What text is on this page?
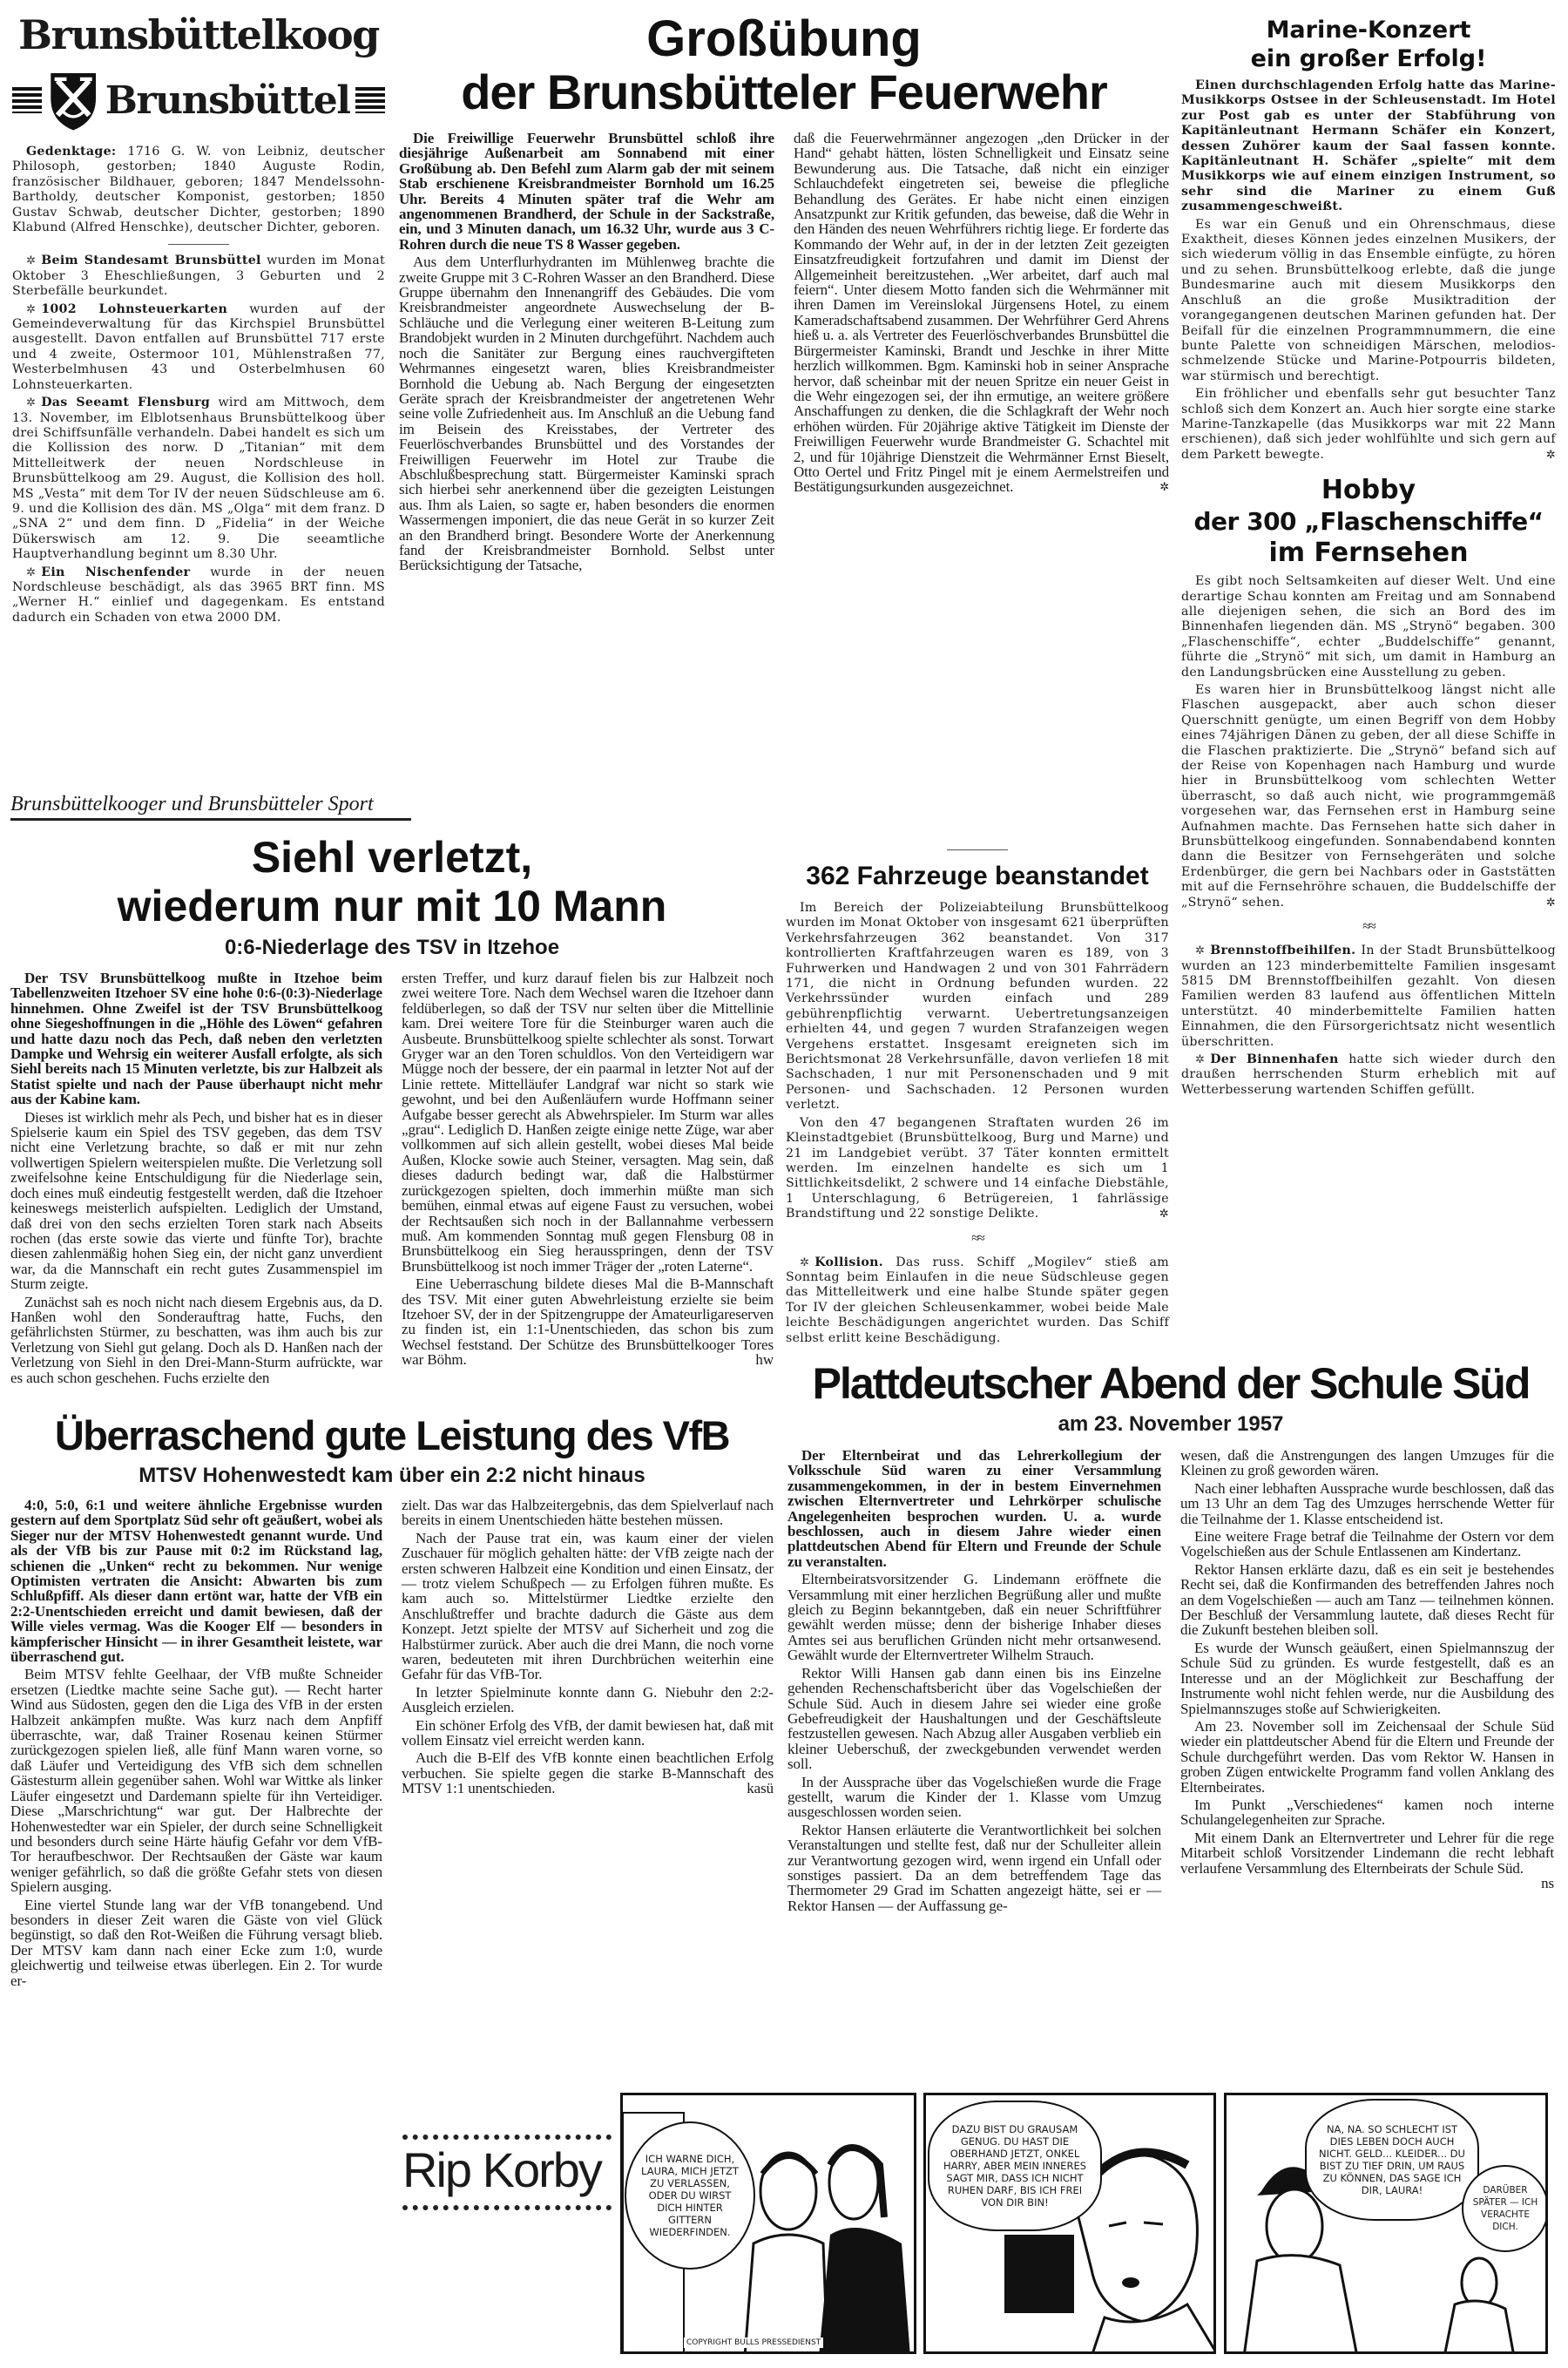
Brunsbüttelkoog
Brunsbüttel

Gedenktage: 1716 G. W. von Leibniz, deutscher Philosoph, gestorben; 1840 Auguste Rodin, französischer Bildhauer, geboren; 1847 Mendelssohn-Bartholdy, deutscher Komponist, gestorben; 1850 Gustav Schwab, deutscher Dichter, gestorben; 1890 Klabund (Alfred Henschke), deutscher Dichter, geboren.

✲ Beim Standesamt Brunsbüttel wurden im Monat Oktober 3 Eheschließungen, 3 Geburten und 2 Sterbefälle beurkundet.

✲ 1002 Lohnsteuerkarten wurden auf der Gemeindeverwaltung für das Kirchspiel Brunsbüttel ausgestellt. Davon entfallen auf Brunsbüttel 717 erste und 4 zweite, Ostermoor 101, Mühlenstraßen 77, Westerbelmhusen 43 und Osterbelmhusen 60 Lohnsteuerkarten.

✲ Das Seeamt Flensburg wird am Mittwoch, dem 13. November, im Elblotsenhaus Brunsbüttelkoog über drei Schiffsunfälle verhandeln. Dabei handelt es sich um die Kollission des norw. D „Titanian“ mit dem Mittelleitwerk der neuen Nordschleuse in Brunsbüttelkoog am 29. August, die Kollision des holl. MS „Vesta“ mit dem Tor IV der neuen Südschleuse am 6. 9. und die Kollision des dän. MS „Olga“ mit dem franz. D „SNA 2“ und dem finn. D „Fidelia“ in der Weiche Dükerswisch am 12. 9. Die seeamtliche Hauptverhandlung beginnt um 8.30 Uhr.

✲ Ein Nischenfender wurde in der neuen Nordschleuse beschädigt, als das 3965 BRT finn. MS „Werner H.“ einlief und dagegenkam. Es entstand dadurch ein Schaden von etwa 2000 DM.

Großübung
der Brunsbütteler Feuerwehr

Die Freiwillige Feuerwehr Brunsbüttel schloß ihre diesjährige Außenarbeit am Sonnabend mit einer Großübung ab. Den Befehl zum Alarm gab der mit seinem Stab erschienene Kreisbrandmeister Bornhold um 16.25 Uhr. Bereits 4 Minuten später traf die Wehr am angenommenen Brandherd, der Schule in der Sackstraße, ein, und 3 Minuten danach, um 16.32 Uhr, wurde aus 3 C-Rohren durch die neue TS 8 Wasser gegeben.

Aus dem Unterflurhydranten im Mühlenweg brachte die zweite Gruppe mit 3 C-Rohren Wasser an den Brandherd. Diese Gruppe übernahm den Innenangriff des Gebäudes. Die vom Kreisbrandmeister angeordnete Auswechselung der B-Schläuche und die Verlegung einer weiteren B-Leitung zum Brandobjekt wurden in 2 Minuten durchgeführt. Nachdem auch noch die Sanitäter zur Bergung eines rauchvergifteten Wehrmannes eingesetzt waren, blies Kreisbrandmeister Bornhold die Uebung ab. Nach Bergung der eingesetzten Geräte sprach der Kreisbrandmeister der angetretenen Wehr seine volle Zufriedenheit aus. Im Anschluß an die Uebung fand im Beisein des Kreisstabes, der Vertreter des Feuerlöschverbandes Brunsbüttel und des Vorstandes der Freiwilligen Feuerwehr im Hotel zur Traube die Abschlußbesprechung statt. Bürgermeister Kaminski sprach sich hierbei sehr anerkennend über die gezeigten Leistungen aus. Ihm als Laien, so sagte er, haben besonders die enormen Wassermengen imponiert, die das neue Gerät in so kurzer Zeit an den Brandherd bringt. Besondere Worte der Anerkennung fand der Kreisbrandmeister Bornhold. Selbst unter Berücksichtigung der Tatsache,

daß die Feuerwehrmänner angezogen „den Drücker in der Hand“ gehabt hätten, lösten Schnelligkeit und Einsatz seine Bewunderung aus. Die Tatsache, daß nicht ein einziger Schlauchdefekt eingetreten sei, beweise die pflegliche Behandlung des Gerätes. Er habe nicht einen einzigen Ansatzpunkt zur Kritik gefunden, das beweise, daß die Wehr in den Händen des neuen Wehrführers richtig liege. Er forderte das Kommando der Wehr auf, in der in der letzten Zeit gezeigten Einsatzfreudigkeit fortzufahren und damit im Dienst der Allgemeinheit bereitzustehen. „Wer arbeitet, darf auch mal feiern“. Unter diesem Motto fanden sich die Wehrmänner mit ihren Damen im Vereinslokal Jürgensens Hotel, zu einem Kameradschaftsabend zusammen. Der Wehrführer Gerd Ahrens hieß u. a. als Vertreter des Feuerlöschverbandes Brunsbüttel die Bürgermeister Kaminski, Brandt und Jeschke in ihrer Mitte herzlich willkommen. Bgm. Kaminski hob in seiner Ansprache hervor, daß scheinbar mit der neuen Spritze ein neuer Geist in die Wehr eingezogen sei, der ihn ermutige, an weitere größere Anschaffungen zu denken, die die Schlagkraft der Wehr noch erhöhen würden. Für 20jährige aktive Tätigkeit im Dienste der Freiwilligen Feuerwehr wurde Brandmeister G. Schachtel mit 2, und für 10jährige Dienstzeit die Wehrmänner Ernst Bieselt, Otto Oertel und Fritz Pingel mit je einem Aermelstreifen und Bestätigungsurkunden ausgezeichnet.	✲

362 Fahrzeuge beanstandet

Im Bereich der Polizeiabteilung Brunsbüttelkoog wurden im Monat Oktober von insgesamt 621 überprüften Verkehrsfahrzeugen 362 beanstandet. Von 317 kontrollierten Kraftfahrzeugen waren es 189, von 3 Fuhrwerken und Handwagen 2 und von 301 Fahrrädern 171, die nicht in Ordnung befunden wurden. 22 Verkehrssünder wurden einfach und 289 gebührenpflichtig verwarnt. Uebertretungsanzeigen erhielten 44, und gegen 7 wurden Strafanzeigen wegen Vergehens erstattet. Insgesamt ereigneten sich im Berichtsmonat 28 Verkehrsunfälle, davon verliefen 18 mit Sachschaden, 1 nur mit Personenschaden und 9 mit Personen- und Sachschaden. 12 Personen wurden verletzt.

Von den 47 begangenen Straftaten wurden 26 im Kleinstadtgebiet (Brunsbüttelkoog, Burg und Marne) und 21 im Landgebiet verübt. 37 Täter konnten ermittelt werden. Im einzelnen handelte es sich um 1 Sittlichkeitsdelikt, 2 schwere und 14 einfache Diebstähle, 1 Unterschlagung, 6 Betrügereien, 1 fahrlässige Brandstiftung und 22 sonstige Delikte.	✲

≈≈

✲ Kollision. Das russ. Schiff „Mogilev“ stieß am Sonntag beim Einlaufen in die neue Südschleuse gegen das Mittelleitwerk und eine halbe Stunde später gegen Tor IV der gleichen Schleusenkammer, wobei beide Male leichte Beschädigungen angerichtet wurden. Das Schiff selbst erlitt keine Beschädigung.

Marine-Konzert
ein großer Erfolg!

Einen durchschlagenden Erfolg hatte das Marine-Musikkorps Ostsee in der Schleusenstadt. Im Hotel zur Post gab es unter der Stabführung von Kapitänleutnant Hermann Schäfer ein Konzert, dessen Zuhörer kaum der Saal fassen konnte. Kapitänleutnant H. Schäfer „spielte“ mit dem Musikkorps wie auf einem einzigen Instrument, so sehr sind die Mariner zu einem Guß zusammengeschweißt.

Es war ein Genuß und ein Ohrenschmaus, diese Exaktheit, dieses Können jedes einzelnen Musikers, der sich wiederum völlig in das Ensemble einfügte, zu hören und zu sehen. Brunsbüttelkoog erlebte, daß die junge Bundesmarine auch mit diesem Musikkorps den Anschluß an die große Musiktradition der vorangegangenen deutschen Marinen gefunden hat. Der Beifall für die einzelnen Programmnummern, die eine bunte Palette von schneidigen Märschen, melodios-schmelzende Stücke und Marine-Potpourris bildeten, war stürmisch und berechtigt.

Ein fröhlicher und ebenfalls sehr gut besuchter Tanz schloß sich dem Konzert an. Auch hier sorgte eine starke Marine-Tanzkapelle (das Musikkorps war mit 22 Mann erschienen), daß sich jeder wohlfühlte und sich gern auf dem Parkett bewegte.	✲

Hobby
der 300 „Flaschenschiffe“
im Fernsehen

Es gibt noch Seltsamkeiten auf dieser Welt. Und eine derartige Schau konnten am Freitag und am Sonnabend alle diejenigen sehen, die sich an Bord des im Binnenhafen liegenden dän. MS „Strynö“ begaben. 300 „Flaschenschiffe“, echter „Buddelschiffe“ genannt, führte die „Strynö“ mit sich, um damit in Hamburg an den Landungsbrücken eine Ausstellung zu geben.

Es waren hier in Brunsbüttelkoog längst nicht alle Flaschen ausgepackt, aber auch schon dieser Querschnitt genügte, um einen Begriff von dem Hobby eines 74jährigen Dänen zu geben, der all diese Schiffe in die Flaschen praktizierte. Die „Strynö“ befand sich auf der Reise von Kopenhagen nach Hamburg und wurde hier in Brunsbüttelkoog vom schlechten Wetter überrascht, so daß auch nicht, wie programmgemäß vorgesehen war, das Fernsehen erst in Hamburg seine Aufnahmen machte. Das Fernsehen hatte sich daher in Brunsbüttelkoog eingefunden. Sonnabendabend konnten dann die Besitzer von Fernsehgeräten und solche Erdenbürger, die gern bei Nachbars oder in Gaststätten mit auf die Fernsehröhre schauen, die Buddelschiffe der „Strynö“ sehen.	✲

≈≈

✲ Brennstoffbeihilfen. In der Stadt Brunsbüttelkoog wurden an 123 minderbemittelte Familien insgesamt 5815 DM Brennstoffbeihilfen gezahlt. Von diesen Familien werden 83 laufend aus öffentlichen Mitteln unterstützt. 40 minderbemittelte Familien hatten Einnahmen, die den Fürsorgerichtsatz nicht wesentlich überschritten.

✲ Der Binnenhafen hatte sich wieder durch den draußen herrschenden Sturm erheblich mit auf Wetterbesserung wartenden Schiffen gefüllt.

Brunsbüttelkooger und Brunsbütteler Sport
Siehl verletzt,
wiederum nur mit 10 Mann
0:6-Niederlage des TSV in Itzehoe

Der TSV Brunsbüttelkoog mußte in Itzehoe beim Tabellenzweiten Itzehoer SV eine hohe 0:6-(0:3)-Niederlage hinnehmen. Ohne Zweifel ist der TSV Brunsbüttelkoog ohne Siegeshoffnungen in die „Höhle des Löwen“ gefahren und hatte dazu noch das Pech, daß neben den verletzten Dampke und Wehrsig ein weiterer Ausfall erfolgte, als sich Siehl bereits nach 15 Minuten verletzte, bis zur Halbzeit als Statist spielte und nach der Pause überhaupt nicht mehr aus der Kabine kam.

Dieses ist wirklich mehr als Pech, und bisher hat es in dieser Spielserie kaum ein Spiel des TSV gegeben, das dem TSV nicht eine Verletzung brachte, so daß er mit nur zehn vollwertigen Spielern weiterspielen mußte. Die Verletzung soll zweifelsohne keine Entschuldigung für die Niederlage sein, doch eines muß eindeutig festgestellt werden, daß die Itzehoer keineswegs meisterlich aufspielten. Lediglich der Umstand, daß drei von den sechs erzielten Toren stark nach Abseits rochen (das erste sowie das vierte und fünfte Tor), brachte diesen zahlenmäßig hohen Sieg ein, der nicht ganz unverdient war, da die Mannschaft ein recht gutes Zusammenspiel im Sturm zeigte.

Zunächst sah es noch nicht nach diesem Ergebnis aus, da D. Hanßen wohl den Sonderauftrag hatte, Fuchs, den gefährlichsten Stürmer, zu beschatten, was ihm auch bis zur Verletzung von Siehl gut gelang. Doch als D. Hanßen nach der Verletzung von Siehl in den Drei-Mann-Sturm aufrückte, war es auch schon geschehen. Fuchs erzielte den

ersten Treffer, und kurz darauf fielen bis zur Halbzeit noch zwei weitere Tore. Nach dem Wechsel waren die Itzehoer dann feldüberlegen, so daß der TSV nur selten über die Mittellinie kam. Drei weitere Tore für die Steinburger waren auch die Ausbeute. Brunsbüttelkoog spielte schlechter als sonst. Torwart Gryger war an den Toren schuldlos. Von den Verteidigern war Mügge noch der bessere, der ein paarmal in letzter Not auf der Linie rettete. Mittelläufer Landgraf war nicht so stark wie gewohnt, und bei den Außenläufern wurde Hoffmann seiner Aufgabe besser gerecht als Abwehrspieler. Im Sturm war alles „grau“. Lediglich D. Hanßen zeigte einige nette Züge, war aber vollkommen auf sich allein gestellt, wobei dieses Mal beide Außen, Klocke sowie auch Steiner, versagten. Mag sein, daß dieses dadurch bedingt war, daß die Halbstürmer zurückgezogen spielten, doch immerhin müßte man sich bemühen, einmal etwas auf eigene Faust zu versuchen, wobei der Rechtsaußen sich noch in der Ballannahme verbessern muß. Am kommenden Sonntag muß gegen Flensburg 08 in Brunsbüttelkoog ein Sieg herausspringen, denn der TSV Brunsbüttelkoog ist noch immer Träger der „roten Laterne“.

Eine Ueberraschung bildete dieses Mal die B-Mannschaft des TSV. Mit einer guten Abwehrleistung erzielte sie beim Itzehoer SV, der in der Spitzengruppe der Amateurligareserven zu finden ist, ein 1:1-Unentschieden, das schon bis zum Wechsel feststand. Der Schütze des Brunsbüttelkooger Tores war Böhm.	hw

Überraschend gute Leistung des VfB
MTSV Hohenwestedt kam über ein 2:2 nicht hinaus

4:0, 5:0, 6:1 und weitere ähnliche Ergebnisse wurden gestern auf dem Sportplatz Süd sehr oft geäußert, wobei als Sieger nur der MTSV Hohenwestedt genannt wurde. Und als der VfB bis zur Pause mit 0:2 im Rückstand lag, schienen die „Unken“ recht zu bekommen. Nur wenige Optimisten vertraten die Ansicht: Abwarten bis zum Schlußpfiff. Als dieser dann ertönt war, hatte der VfB ein 2:2-Unentschieden erreicht und damit bewiesen, daß der Wille vieles vermag. Was die Kooger Elf — besonders in kämpferischer Hinsicht — in ihrer Gesamtheit leistete, war überraschend gut.

Beim MTSV fehlte Geelhaar, der VfB mußte Schneider ersetzen (Liedtke machte seine Sache gut). — Recht harter Wind aus Südosten, gegen den die Liga des VfB in der ersten Halbzeit ankämpfen mußte. Was kurz nach dem Anpfiff überraschte, war, daß Trainer Rosenau keinen Stürmer zurückgezogen spielen ließ, alle fünf Mann waren vorne, so daß Läufer und Verteidigung des VfB sich dem schnellen Gästesturm allein gegenüber sahen. Wohl war Wittke als linker Läufer eingesetzt und Dardemann spielte für ihn Verteidiger. Diese „Marschrichtung“ war gut. Der Halbrechte der Hohenwestedter war ein Spieler, der durch seine Schnelligkeit und besonders durch seine Härte häufig Gefahr vor dem VfB-Tor heraufbeschwor. Der Rechtsaußen der Gäste war kaum weniger gefährlich, so daß die größte Gefahr stets von diesen Spielern ausging.

Eine viertel Stunde lang war der VfB tonangebend. Und besonders in dieser Zeit waren die Gäste von viel Glück begünstigt, so daß den Rot-Weißen die Führung versagt blieb. Der MTSV kam dann nach einer Ecke zum 1:0, wurde gleichwertig und teilweise etwas überlegen. Ein 2. Tor wurde er-

zielt. Das war das Halbzeitergebnis, das dem Spielverlauf nach bereits in einem Unentschieden hätte bestehen müssen.

Nach der Pause trat ein, was kaum einer der vielen Zuschauer für möglich gehalten hätte: der VfB zeigte nach der ersten schweren Halbzeit eine Kondition und einen Einsatz, der — trotz vielem Schußpech — zu Erfolgen führen mußte. Es kam auch so. Mittelstürmer Liedtke erzielte den Anschlußtreffer und brachte dadurch die Gäste aus dem Konzept. Jetzt spielte der MTSV auf Sicherheit und zog die Halbstürmer zurück. Aber auch die drei Mann, die noch vorne waren, bedeuteten mit ihren Durchbrüchen weiterhin eine Gefahr für das VfB-Tor.

In letzter Spielminute konnte dann G. Niebuhr den 2:2-Ausgleich erzielen.

Ein schöner Erfolg des VfB, der damit bewiesen hat, daß mit vollem Einsatz viel erreicht werden kann.

Auch die B-Elf des VfB konnte einen beachtlichen Erfolg verbuchen. Sie spielte gegen die starke B-Mannschaft des MTSV 1:1 unentschieden.	kasü

Plattdeutscher Abend der Schule Süd
am 23. November 1957

Der Elternbeirat und das Lehrerkollegium der Volksschule Süd waren zu einer Versammlung zusammengekommen, in der in bestem Einvernehmen zwischen Elternvertreter und Lehrkörper schulische Angelegenheiten besprochen wurden. U. a. wurde beschlossen, auch in diesem Jahre wieder einen plattdeutschen Abend für Eltern und Freunde der Schule zu veranstalten.

Elternbeiratsvorsitzender G. Lindemann eröffnete die Versammlung mit einer herzlichen Begrüßung aller und mußte gleich zu Beginn bekanntgeben, daß ein neuer Schriftführer gewählt werden müsse; denn der bisherige Inhaber dieses Amtes sei aus beruflichen Gründen nicht mehr ortsanwesend. Gewählt wurde der Elternvertreter Wilhelm Strauch.

Rektor Willi Hansen gab dann einen bis ins Einzelne gehenden Rechenschaftsbericht über das Vogelschießen der Schule Süd. Auch in diesem Jahre sei wieder eine große Gebefreudigkeit der Haushaltungen und der Geschäftsleute festzustellen gewesen. Nach Abzug aller Ausgaben verblieb ein kleiner Ueberschuß, der zweckgebunden verwendet werden soll.

In der Aussprache über das Vogelschießen wurde die Frage gestellt, warum die Kinder der 1. Klasse vom Umzug ausgeschlossen worden seien.

Rektor Hansen erläuterte die Verantwortlichkeit bei solchen Veranstaltungen und stellte fest, daß nur der Schulleiter allein zur Verantwortung gezogen wird, wenn irgend ein Unfall oder sonstiges passiert. Da an dem betreffendem Tage das Thermometer 29 Grad im Schatten angezeigt hätte, sei er — Rektor Hansen — der Auffassung ge-

wesen, daß die Anstrengungen des langen Umzuges für die Kleinen zu groß geworden wären.

Nach einer lebhaften Aussprache wurde beschlossen, daß das um 13 Uhr an dem Tag des Umzuges herrschende Wetter für die Teilnahme der 1. Klasse entscheidend ist.

Eine weitere Frage betraf die Teilnahme der Ostern vor dem Vogelschießen aus der Schule Entlassenen am Kindertanz.

Rektor Hansen erklärte dazu, daß es ein seit je bestehendes Recht sei, daß die Konfirmanden des betreffenden Jahres noch an dem Vogelschießen — auch am Tanz — teilnehmen können. Der Beschluß der Versammlung lautete, daß dieses Recht für die Zukunft bestehen bleiben soll.

Es wurde der Wunsch geäußert, einen Spielmannszug der Schule Süd zu gründen. Es wurde festgestellt, daß es an Interesse und an der Möglichkeit zur Beschaffung der Instrumente wohl nicht fehlen werde, nur die Ausbildung des Spielmannszuges stoße auf Schwierigkeiten.

Am 23. November soll im Zeichensaal der Schule Süd wieder ein plattdeutscher Abend für die Eltern und Freunde der Schule durchgeführt werden. Das vom Rektor W. Hansen in groben Zügen entwickelte Programm fand vollen Anklang des Elternbeirates.

Im Punkt „Verschiedenes“ kamen noch interne Schulangelegenheiten zur Sprache.

Mit einem Dank an Elternvertreter und Lehrer für die rege Mitarbeit schloß Vorsitzender Lindemann die recht lebhaft verlaufene Versammlung des Elternbeirats der Schule Süd.
ns

Rip Korby	ICH WARNE DICH, LAURA, MICH JETZT ZU VERLASSEN, ODER DU WIRST DICH HINTER GITTERN WIEDERFINDEN.
COPYRIGHT BULLS PRESSEDIENST
DAZU BIST DU GRAUSAM GENUG. DU HAST DIE OBERHAND JETZT, ONKEL HARRY, ABER MEIN INNERES SAGT MIR, DASS ICH NICHT RUHEN DARF, BIS ICH FREI VON DIR BIN!
NA, NA. SO SCHLECHT IST DIES LEBEN DOCH AUCH NICHT. GELD... KLEIDER... DU BIST ZU TIEF DRIN, UM RAUS ZU KÖNNEN, DAS SAGE ICH DIR, LAURA!	DARÜBER SPÄTER — ICH VERACHTE DICH.
